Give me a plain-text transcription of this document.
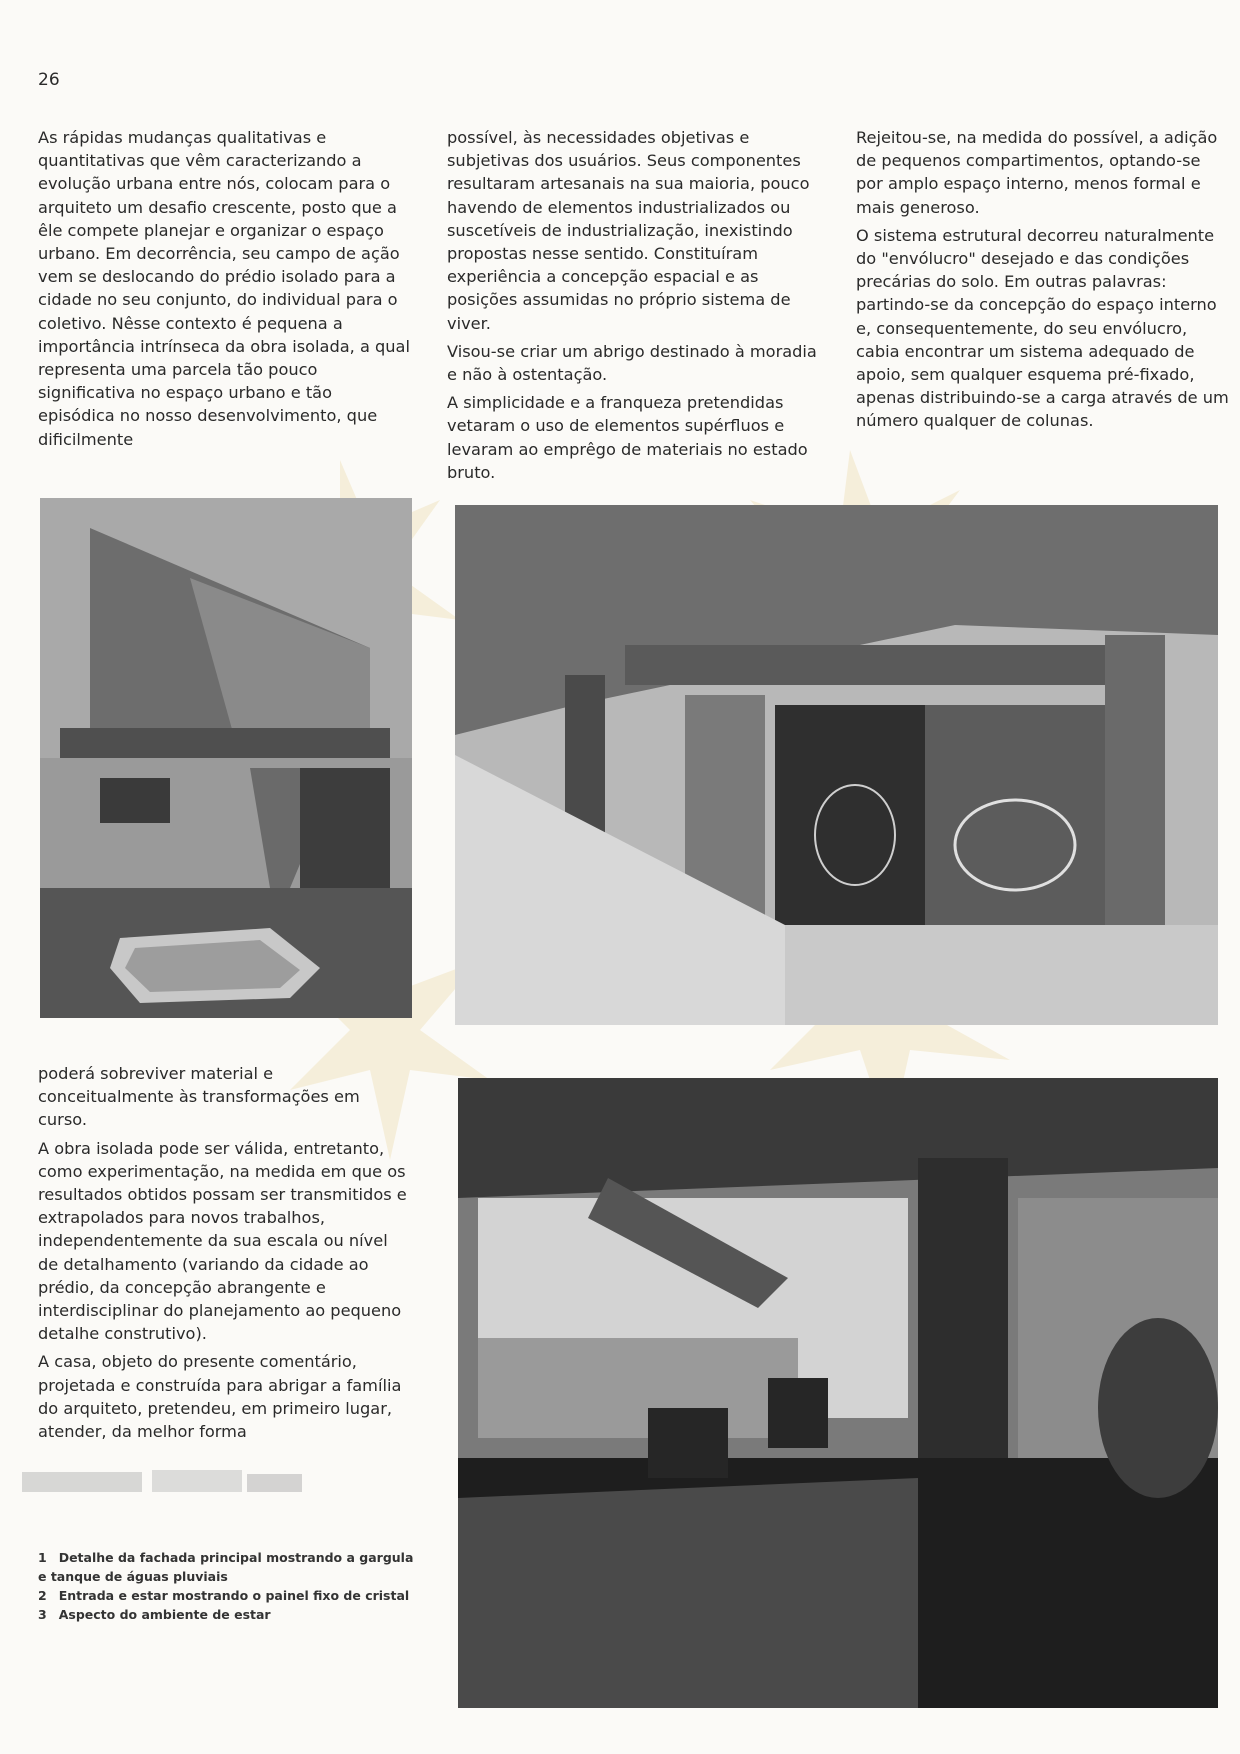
26

As rápidas mudanças qualitativas e quantitativas que vêm caracterizando a evolução urbana entre nós, colocam para o arquiteto um desafio crescente, posto que a êle compete planejar e organizar o espaço urbano. Em decorrência, seu campo de ação vem se deslocando do prédio isolado para a cidade no seu conjunto, do individual para o coletivo. Nêsse contexto é pequena a importância intrínseca da obra isolada, a qual representa uma parcela tão pouco significativa no espaço urbano e tão episódica no nosso desenvolvimento, que dificilmente

possível, às necessidades objetivas e subjetivas dos usuários. Seus componentes resultaram artesanais na sua maioria, pouco havendo de elementos industrializados ou suscetíveis de industrialização, inexistindo propostas nesse sentido. Constituíram experiência a concepção espacial e as posições assumidas no próprio sistema de viver.

Visou-se criar um abrigo destinado à moradia e não à ostentação.

A simplicidade e a franqueza pretendidas vetaram o uso de elementos supérfluos e levaram ao emprêgo de materiais no estado bruto.

Rejeitou-se, na medida do possível, a adição de pequenos compartimentos, optando-se por amplo espaço interno, menos formal e mais generoso.

O sistema estrutural decorreu naturalmente do "envólucro" desejado e das condições precárias do solo. Em outras palavras: partindo-se da concepção do espaço interno e, consequentemente, do seu envólucro, cabia encontrar um sistema adequado de apoio, sem qualquer esquema pré-fixado, apenas distribuindo-se a carga através de um número qualquer de colunas.

poderá sobreviver material e conceitualmente às transformações em curso.

A obra isolada pode ser válida, entretanto, como experimentação, na medida em que os resultados obtidos possam ser transmitidos e extrapolados para novos trabalhos, independentemente da sua escala ou nível de detalhamento (variando da cidade ao prédio, da concepção abrangente e interdisciplinar do planejamento ao pequeno detalhe construtivo).

A casa, objeto do presente comentário, projetada e construída para abrigar a família do arquiteto, pretendeu, em primeiro lugar, atender, da melhor forma

1 Detalhe da fachada principal mostrando a gargula e tanque de águas pluviais

2 Entrada e estar mostrando o painel fixo de cristal

3 Aspecto do ambiente de estar
